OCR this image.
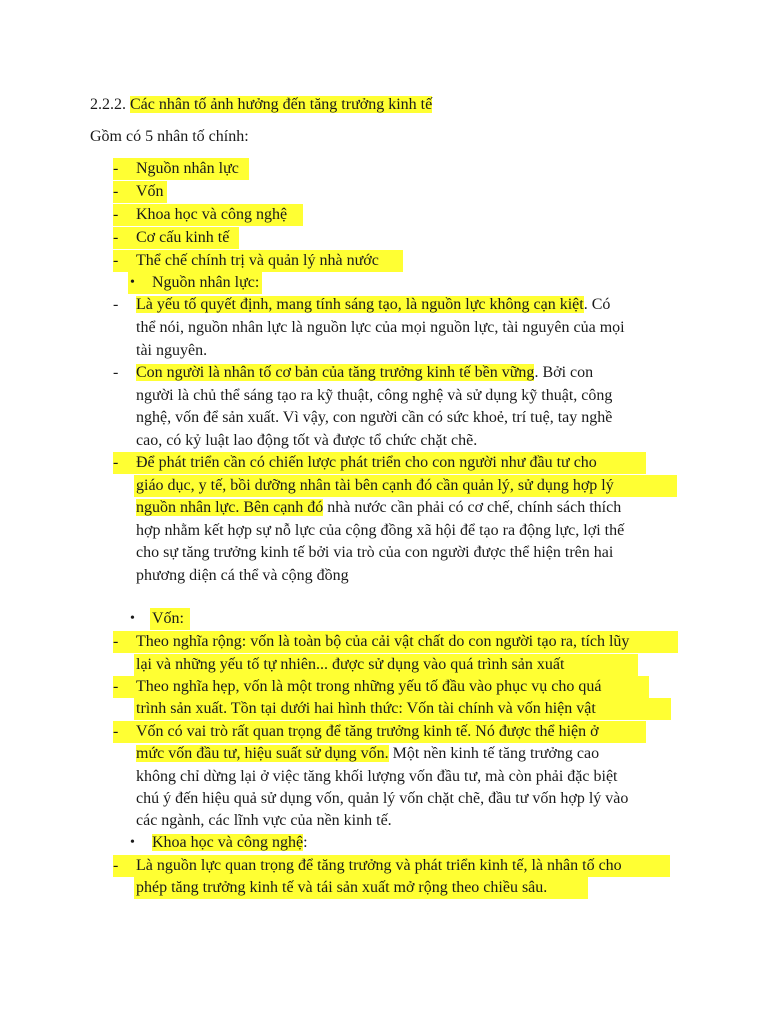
2.2.2. Các nhân tố ảnh hưởng đến tăng trưởng kinh tế
Gồm có 5 nhân tố chính:
- Nguồn nhân lực
- Vốn
- Khoa học và công nghệ
- Cơ cấu kinh tế
- Thể chế chính trị và quản lý nhà nước
• Nguồn nhân lực:
- Là yếu tố quyết định, mang tính sáng tạo, là nguồn lực không cạn kiệt. Có
thể nói, nguồn nhân lực là nguồn lực của mọi nguồn lực, tài nguyên của mọi
tài nguyên.
- Con người là nhân tố cơ bản của tăng trưởng kinh tế bền vững. Bởi con
người là chủ thể sáng tạo ra kỹ thuật, công nghệ và sử dụng kỹ thuật, công
nghệ, vốn để sản xuất. Vì vậy, con người cần có sức khoẻ, trí tuệ, tay nghề
cao, có kỷ luật lao động tốt và được tổ chức chặt chẽ.
- Để phát triển cần có chiến lược phát triển cho con người như đầu tư cho
giáo dục, y tế, bồi dưỡng nhân tài bên cạnh đó cần quản lý, sử dụng hợp lý
nguồn nhân lực. Bên cạnh đó nhà nước cần phải có cơ chế, chính sách thích
hợp nhằm kết hợp sự nỗ lực của cộng đồng xã hội để tạo ra động lực, lợi thế
cho sự tăng trưởng kinh tế bởi via trò của con người được thể hiện trên hai
phương diện cá thể và cộng đồng
• Vốn:
- Theo nghĩa rộng: vốn là toàn bộ của cải vật chất do con người tạo ra, tích lũy
lại và những yếu tố tự nhiên... được sử dụng vào quá trình sản xuất
- Theo nghĩa hẹp, vốn là một trong những yếu tố đầu vào phục vụ cho quá
trình sản xuất. Tồn tại dưới hai hình thức: Vốn tài chính và vốn hiện vật
- Vốn có vai trò rất quan trọng để tăng trưởng kinh tế. Nó được thể hiện ở
mức vốn đầu tư, hiệu suất sử dụng vốn. Một nền kinh tế tăng trưởng cao
không chỉ dừng lại ở việc tăng khối lượng vốn đầu tư, mà còn phải đặc biệt
chú ý đến hiệu quả sử dụng vốn, quản lý vốn chặt chẽ, đầu tư vốn hợp lý vào
các ngành, các lĩnh vực của nền kinh tế.
• Khoa học và công nghệ:
- Là nguồn lực quan trọng để tăng trưởng và phát triển kinh tế, là nhân tố cho
phép tăng trưởng kinh tế và tái sản xuất mở rộng theo chiều sâu.
